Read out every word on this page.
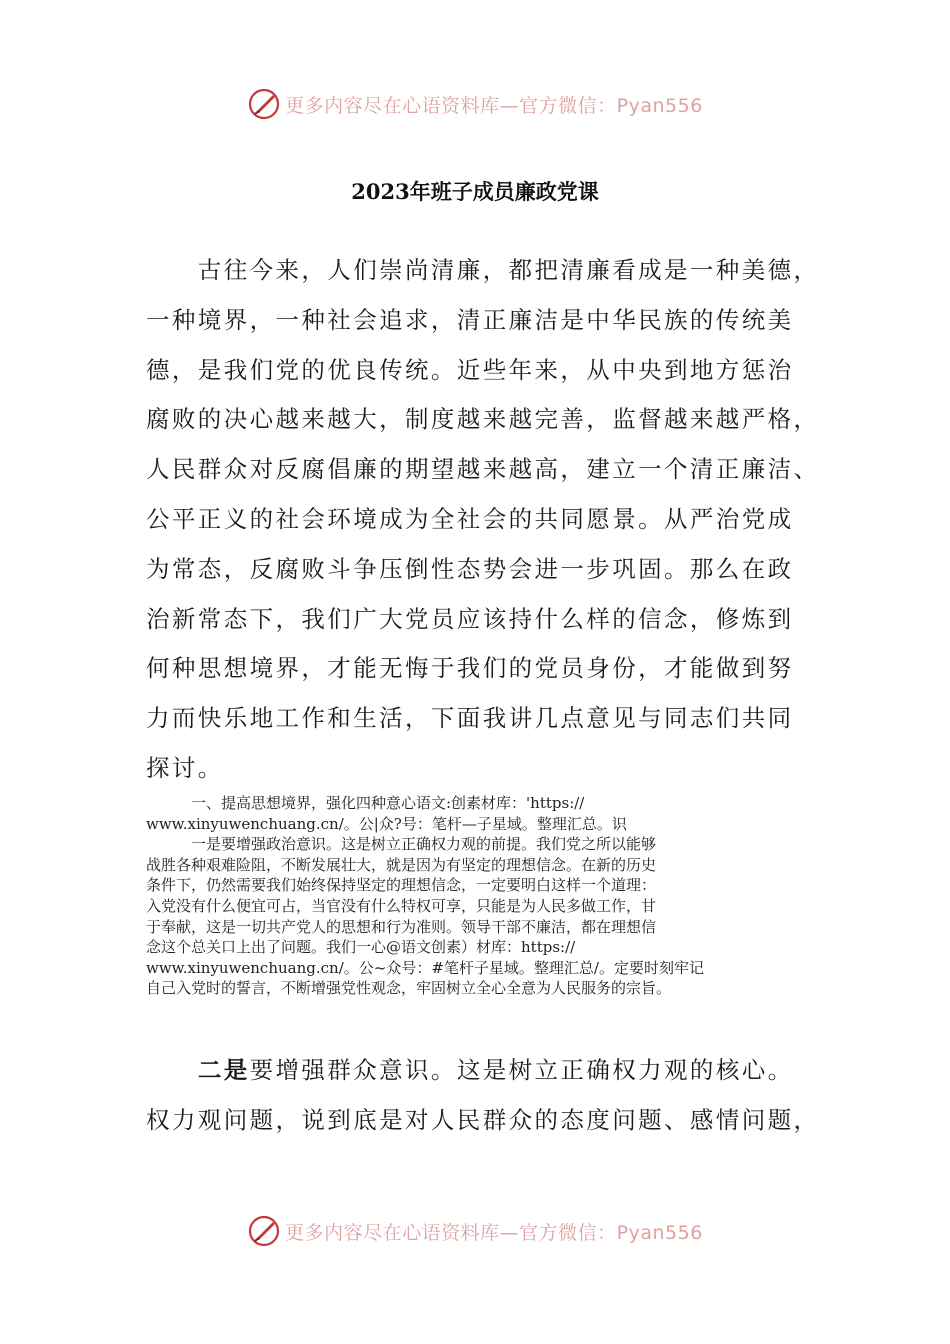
更多内容尽在心语资料库—官方微信：Pyan556
2023年班子成员廉政党课
　　古往今来，人们崇尚清廉，都把清廉看成是一种美德，
一种境界，一种社会追求，清正廉洁是中华民族的传统美
德，是我们党的优良传统。近些年来，从中央到地方惩治
腐败的决心越来越大，制度越来越完善，监督越来越严格，
人民群众对反腐倡廉的期望越来越高，建立一个清正廉洁、
公平正义的社会环境成为全社会的共同愿景。从严治党成
为常态，反腐败斗争压倒性态势会进一步巩固。那么在政
治新常态下，我们广大党员应该持什么样的信念，修炼到
何种思想境界，才能无悔于我们的党员身份，才能做到努
力而快乐地工作和生活，下面我讲几点意见与同志们共同
探讨。
　　　一、提高思想境界，强化四种意心语文:创素材库：'https://
www.xinyuwenchuang.cn/。公|众?号：笔杆—子星域。整理汇总。识
　　　一是要增强政治意识。这是树立正确权力观的前提。我们党之所以能够
战胜各种艰难险阻，不断发展壮大，就是因为有坚定的理想信念。在新的历史
条件下，仍然需要我们始终保持坚定的理想信念，一定要明白这样一个道理：
入党没有什么便宜可占，当官没有什么特权可享，只能是为人民多做工作，甘
于奉献，这是一切共产党人的思想和行为准则。领导干部不廉洁，都在理想信
念这个总关口上出了问题。我们一心@语文创素）材库：https://
www.xinyuwenchuang.cn/。公~众号：#笔杆子星域。整理汇总/。定要时刻牢记
自己入党时的誓言，不断增强党性观念，牢固树立全心全意为人民服务的宗旨。
　　二是要增强群众意识。这是树立正确权力观的核心。
权力观问题，说到底是对人民群众的态度问题、感情问题，
更多内容尽在心语资料库—官方微信：Pyan556
